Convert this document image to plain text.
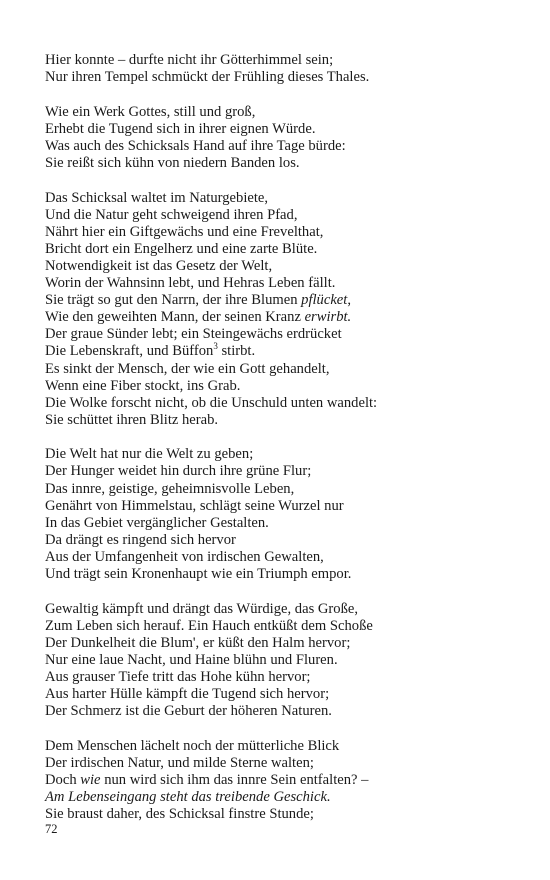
Hier konnte – durfte nicht ihr Götterhimmel sein;
Nur ihren Tempel schmückt der Frühling dieses Thales.
Wie ein Werk Gottes, still und groß,
Erhebt die Tugend sich in ihrer eignen Würde.
Was auch des Schicksals Hand auf ihre Tage bürde:
Sie reißt sich kühn von niedern Banden los.
Das Schicksal waltet im Naturgebiete,
Und die Natur geht schweigend ihren Pfad,
Nährt hier ein Giftgewächs und eine Frevelthat,
Bricht dort ein Engelherz und eine zarte Blüte.
Notwendigkeit ist das Gesetz der Welt,
Worin der Wahnsinn lebt, und Hehras Leben fällt.
Sie trägt so gut den Narrn, der ihre Blumen pflücket,
Wie den geweihten Mann, der seinen Kranz erwirbt.
Der graue Sünder lebt; ein Steingewächs erdrücket
Die Lebenskraft, und Büffon$^3$ stirbt.
Es sinkt der Mensch, der wie ein Gott gehandelt,
Wenn eine Fiber stockt, ins Grab.
Die Wolke forscht nicht, ob die Unschuld unten wandelt:
Sie schüttet ihren Blitz herab.
Die Welt hat nur die Welt zu geben;
Der Hunger weidet hin durch ihre grüne Flur;
Das innre, geistige, geheimnisvolle Leben,
Genährt von Himmelstau, schlägt seine Wurzel nur
In das Gebiet vergänglicher Gestalten.
Da drängt es ringend sich hervor
Aus der Umfangenheit von irdischen Gewalten,
Und trägt sein Kronenhaupt wie ein Triumph empor.
Gewaltig kämpft und drängt das Würdige, das Große,
Zum Leben sich herauf. Ein Hauch entküßt dem Schoße
Der Dunkelheit die Blum', er küßt den Halm hervor;
Nur eine laue Nacht, und Haine blühn und Fluren.
Aus grauser Tiefe tritt das Hohe kühn hervor;
Aus harter Hülle kämpft die Tugend sich hervor;
Der Schmerz ist die Geburt der höheren Naturen.
Dem Menschen lächelt noch der mütterliche Blick
Der irdischen Natur, und milde Sterne walten;
Doch wie nun wird sich ihm das innre Sein entfalten? –
Am Lebenseingang steht das treibende Geschick.
Sie braust daher, des Schicksal finstre Stunde;
72
